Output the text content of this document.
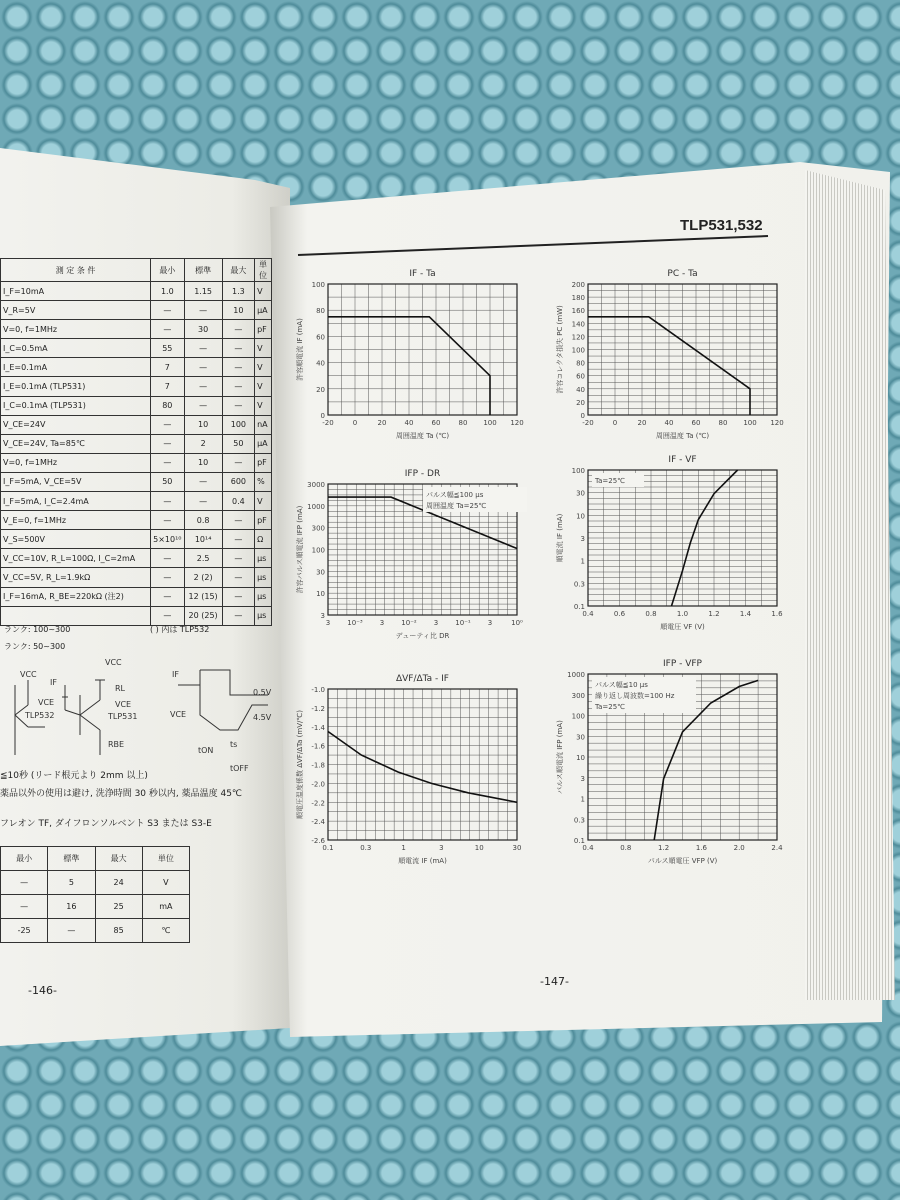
測 定 条 件	最小	標準	最大	単位
I_F=10mA	1.0	1.15	1.3	V
V_R=5V	—	—	10	μA
V=0, f=1MHz	—	30	—	pF
I_C=0.5mA	55	—	—	V
I_E=0.1mA	7	—	—	V
I_E=0.1mA (TLP531)	7	—	—	V
I_C=0.1mA (TLP531)	80	—	—	V
V_CE=24V	—	10	100	nA
V_CE=24V, Ta=85℃	—	2	50	μA
V=0, f=1MHz	—	10	—	pF
I_F=5mA, V_CE=5V	50	—	600	%
I_F=5mA, I_C=2.4mA	—	—	0.4	V
V_E=0, f=1MHz	—	0.8	—	pF
V_S=500V	5×10¹⁰	10¹⁴	—	Ω
V_CC=10V, R_L=100Ω, I_C=2mA	—	2.5	—	μs
V_CC=5V, R_L=1.9kΩ	—	2 (2)	—	μs
I_F=16mA, R_BE=220kΩ (注2)	—	12 (15)	—	μs
	—	20 (25)	—	μs
ランク: 100~300	( ) 内は TLP532
ランク: 50~300
VCC
IF
VCC
RL
VCE	VCE
TLP532	TLP531
RBE
IF
VCE
0.5V
4.5V
tON
ts
tOFF
≦10秒 (リード根元より 2mm 以上)
薬品以外の使用は避け, 洗浄時間 30 秒以内, 薬品温度 45℃
フレオン TF, ダイフロンソルベント S3 または S3-E
最小	標準	最大	単位
—	5	24	V
—	16	25	mA
-25	—	85	℃
-146-
TLP531,532
IF - Ta
-20	0	20	40	60	80 100 120
0
20
40
60
80
100
周囲温度 Ta (℃)
許容順電流 IF (mA)
PC - Ta
-20	0	20	40	60	80 100 120
0
20
40
60
80
100
120
140
160
180
200
周囲温度 Ta (℃)
許容コレクタ損失 PC (mW)
IFP - DR
3 10⁻³ 3 10⁻² 3 10⁻¹ 3	10⁰
3
10
30
100
300
1000
3000
デューティ比 DR
許容パルス順電流 IFP (mA)
パルス幅≦100 μs
周囲温度 Ta=25℃
IF - VF
0.4	0.6	0.8	1.0	1.2	1.4	1.6
0.1
0.3
1
3
10
30
100
順電圧 VF (V)
順電流 IF (mA)
Ta=25℃
ΔVF/ΔTa - IF
0.1	0.3	1	3	10	30
-2.6
-2.4
-2.2
-2.0
-1.8
-1.6
-1.4
-1.2
-1.0
順電流 IF (mA)
順電圧温度係数 ΔVF/ΔTa (mV/℃)
IFP - VFP
0.4	0.8	1.2	1.6	2.0	2.4
0.1
0.3
1
3
10
30
100
300
1000
パルス順電圧 VFP (V)
パルス順電流 IFP (mA)
パルス幅≦10 μs
繰り返し周波数=100 Hz
Ta=25℃
-147-
